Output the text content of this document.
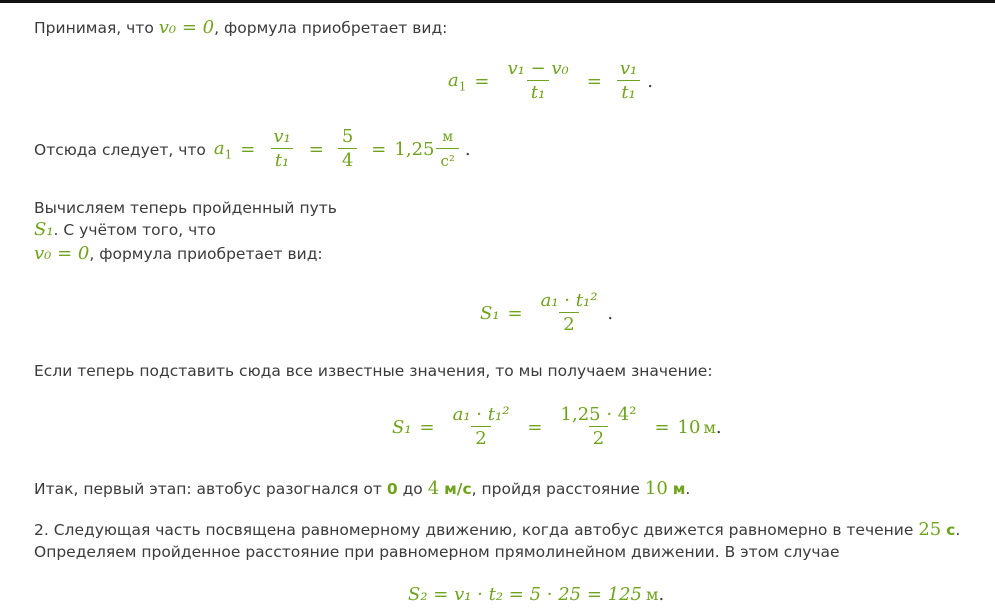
Принимая, что v₀ = 0, формула приобретает вид:
$a_1 = \frac{\text{v₁ − v₀}}{\text{t₁}} = \frac{\text{v₁}}{\text{t₁}}$ .
Отсюда следует, что $a_1 = \frac{\text{v₁}}{\text{t₁}} = \frac{5}{4} = 1,25 \frac{м}{\text{с²}}$ .
Вычисляем теперь пройденный путь
S₁. С учётом того, что
v₀ = 0, формула приобретает вид:
$S_1 = \frac{\text{a₁ · t₁²}}{2}$ .
Если теперь подставить сюда все известные значения, то мы получаем значение:
$S_1 = \frac{\text{a₁ · t₁²}}{2} = \frac{\text{1,25 · 4²}}{2} = 10$ м .
Итак, первый этап: автобус разогнался от 0 до 4 м/с, пройдя расстояние 10 м.
2. Следующая часть посвящена равномерному движению, когда автобус движется равномерно в течение 25 с.
Определяем пройденное расстояние при равномерном прямолинейном движении. В этом случае
S₂ = v₁ · t₂ = 5 · 25 = 125 м .
